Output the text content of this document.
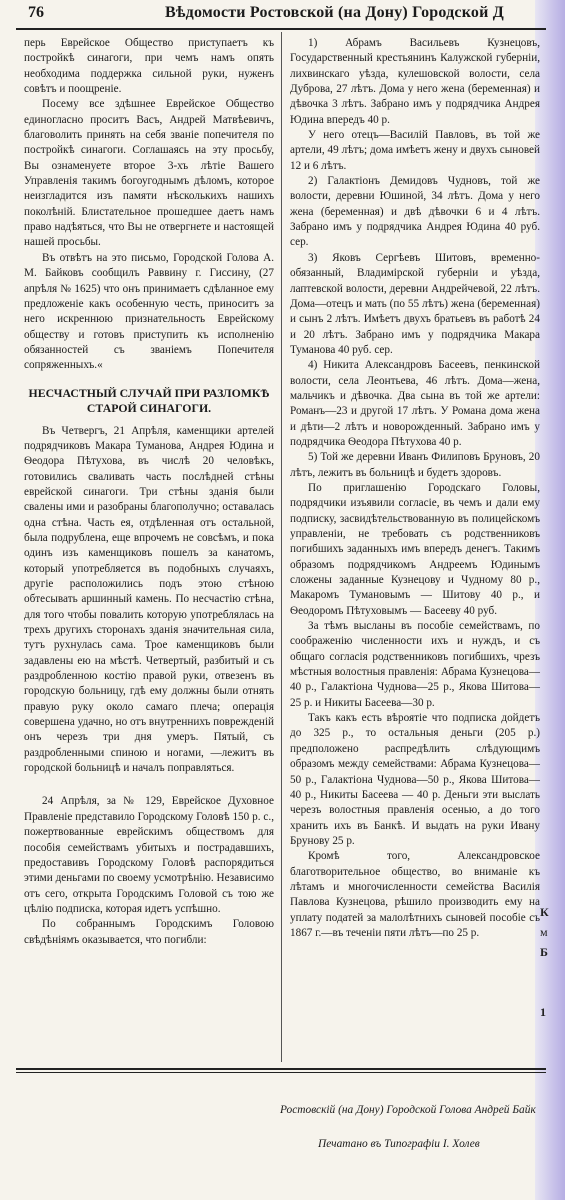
76	Вѣдомости Ростовской (на Дону) Городской Д

перь Еврейское Общество приступаетъ къ постройкѣ синагоги, при чемъ намъ опять необходима поддержка сильной руки, нуженъ совѣтъ и поощреніе.

Посему все здѣшнее Еврейское Общество единогласно проситъ Васъ, Андрей Матвѣевичъ, благоволить принять на себя званіе попечителя по постройкѣ синагоги. Соглашаясь на эту просьбу, Вы ознаменуете второе 3-хъ лѣтіе Вашего Управленія такимъ богоугоднымъ дѣломъ, которое неизгладится изъ памяти нѣсколькихъ нашихъ поколѣній. Блистательное прошедшее даетъ намъ право надѣяться, что Вы не отвергнете и настоящей нашей просьбы.

Въ отвѣтъ на это письмо, Городской Голова А. М. Байковъ сообщилъ Раввину г. Гиссину, (27 апрѣля № 1625) что онъ принимаетъ сдѣланное ему предложеніе какъ особенную честь, приноситъ за него искреннюю признательность Еврейскому обществу и готовъ приступить къ исполненію обязанностей съ званіемъ Попечителя сопряженныхъ.«

НЕСЧАСТНЫЙ СЛУЧАЙ ПРИ РАЗЛОМКѢ
СТАРОЙ СИНАГОГИ.

Въ Четвергъ, 21 Апрѣля, каменщики артелей подрядчиковъ Макара Туманова, Андрея Юдина и Ѳеодора Пѣтухова, въ числѣ 20 человѣкъ, готовились сваливать часть послѣдней стѣны еврейской синагоги. Три стѣны зданія были свалены ими и разобраны благополучно; оставалась одна стѣна. Часть ея, отдѣленная отъ остальной, была подрублена, еще впрочемъ не совсѣмъ, и пока одинъ изъ каменщиковъ пошелъ за канатомъ, который употребляется въ подобныхъ случаяхъ, другіе расположились подъ этою стѣною обтесывать аршинный камень. По несчастію стѣна, для того чтобы повалить которую употреблялась на трехъ другихъ сторонахъ зданія значительная сила, тутъ рухнулась сама. Трое каменщиковъ были задавлены ею на мѣстѣ. Четвертый, разбитый и съ раздробленною костію правой руки, отвезенъ въ городскую больницу, гдѣ ему должны были отнять правую руку около самаго плеча; операція совершена удачно, но отъ внутреннихъ поврежденій онъ черезъ три дня умеръ. Пятый, съ раздробленными спиною и ногами, —лежитъ въ городской больницѣ и началъ поправляться.

24 Апрѣля, за № 129, Еврейское Духовное Правленіе представило Городскому Головѣ 150 р. с., пожертвованные еврейскимъ обществомъ для пособія семействамъ убитыхъ и пострадавшихъ, предоставивъ Городскому Головѣ распорядиться этими деньгами по своему усмотрѣнію. Независимо отъ сего, открыта Городскимъ Головой съ тою же цѣлію подписка, которая идетъ успѣшно.

По собраннымъ Городскимъ Головою свѣдѣніямъ оказывается, что погибли:

1) Абрамъ Васильевъ Кузнецовъ, Государственный крестьянинъ Калужской губерніи, лихвинскаго уѣзда, кулешовской волости, села Дуброва, 27 лѣтъ. Дома у него жена (беременная) и дѣвочка 3 лѣтъ. Забрано имъ у подрядчика Андрея Юдина впередъ 40 р.

У него отецъ—Василій Павловъ, въ той же артели, 49 лѣтъ; дома имѣетъ жену и двухъ сыновей 12 и 6 лѣтъ.

2) Галактіонъ Демидовъ Чудновъ, той же волости, деревни Юшиной, 34 лѣтъ. Дома у него жена (беременная) и двѣ дѣвочки 6 и 4 лѣтъ. Забрано имъ у подрядчика Андрея Юдина 40 руб. сер.

3) Яковъ Сергѣевъ Шитовъ, временно-обязанный, Владимірской губерніи и уѣзда, лаптевской волости, деревни Андрейчевой, 22 лѣтъ. Дома—отецъ и мать (по 55 лѣтъ) жена (беременная) и сынъ 2 лѣтъ. Имѣетъ двухъ братьевъ въ работѣ 24 и 20 лѣтъ. Забрано имъ у подрядчика Макара Туманова 40 руб. сер.

4) Никита Александровъ Басеевъ, пенкинской волости, села Леонтьева, 46 лѣтъ. Дома—жена, мальчикъ и дѣвочка. Два сына въ той же артели: Романъ—23 и другой 17 лѣтъ. У Романа дома жена и дѣти—2 лѣтъ и новорожденный. Забрано имъ у подрядчика Ѳеодора Пѣтухова 40 р.

5) Той же деревни Иванъ Филиповъ Бруновъ, 20 лѣтъ, лежитъ въ больницѣ и будетъ здоровъ.

По приглашенію Городскаго Головы, подрядчики изъявили согласіе, въ чемъ и дали ему подписку, засвидѣтельствованную въ полицейскомъ управленіи, не требовать съ родственниковъ погибшихъ заданныхъ имъ впередъ денегъ. Такимъ образомъ подрядчикомъ Андреемъ Юдинымъ сложены заданные Кузнецову и Чудному 80 р., Макаромъ Тумановымъ — Шитову 40 р., и Ѳеодоромъ Пѣтуховымъ — Басееву 40 руб.

За тѣмъ высланы въ пособіе семействамъ, по соображенію численности ихъ и нуждъ, и съ общаго согласія родственниковъ погибшихъ, чрезъ мѣстныя волостныя правленія: Абрама Кузнецова—40 р., Галактіона Чуднова—25 р., Якова Шитова—25 р. и Никиты Басеева—30 р.

Такъ какъ есть вѣроятіе что подписка дойдетъ до 325 р., то остальныя деньги (205 р.) предположено распредѣлить слѣдующимъ образомъ между семействами: Абрама Кузнецова—50 р., Галактіона Чуднова—50 р., Якова Шитова—40 р., Никиты Басеева — 40 р. Деньги эти выслать черезъ волостныя правленія осенью, а до того хранить ихъ въ Банкѣ. И выдать на руки Ивану Брунову 25 р.

Кромѣ того, Александровское благотворительное общество, во вниманіе къ лѣтамъ и многочисленности семейства Василія Павлова Кузнецова, рѣшило производить ему на уплату податей за малолѣтнихъ сыновей пособіе съ 1867 г.—въ теченіи пяти лѣтъ—по 25 р.

К
м
Б
1
Ростовскій (на Дону) Городской Голова Андрей Байк
Печатано въ Типографіи І. Холев
